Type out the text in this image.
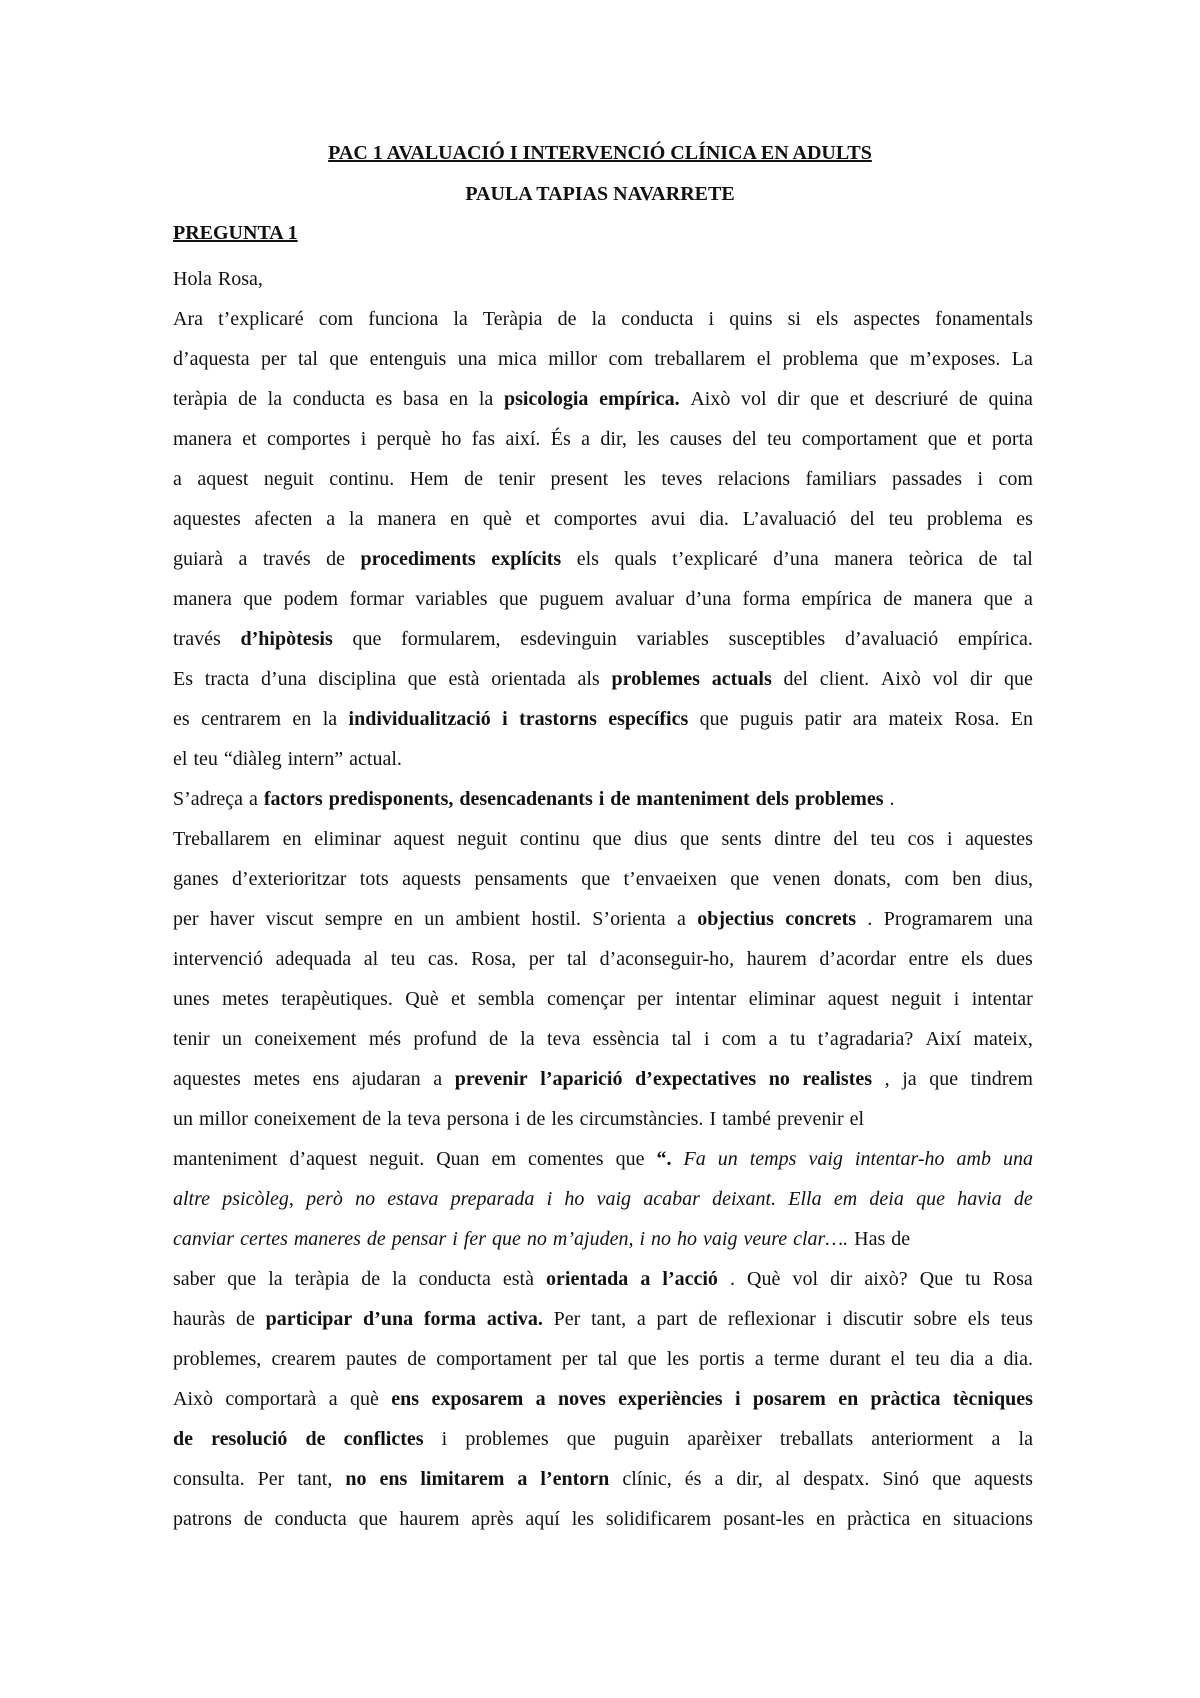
PAC 1 AVALUACIÓ I INTERVENCIÓ CLÍNICA EN ADULTS
PAULA TAPIAS NAVARRETE
PREGUNTA 1
Hola Rosa,
Ara t’explicaré com funciona la Teràpia de la conducta i quins si els aspectes fonamentals
d’aquesta per tal que entenguis una mica millor com treballarem el problema que m’exposes. La
teràpia de la conducta es basa en la psicologia empírica. Això vol dir que et descriuré de quina
manera et comportes i perquè ho fas així. És a dir, les causes del teu comportament que et porta
a aquest neguit continu. Hem de tenir present les teves relacions familiars passades i com
aquestes afecten a la manera en què et comportes avui dia. L’avaluació del teu problema es
guiarà a través de procediments explícits els quals t’explicaré d’una manera teòrica de tal
manera que podem formar variables que puguem avaluar d’una forma empírica de manera que a
través d’hipòtesis que formularem, esdevinguin variables susceptibles d’avaluació empírica.
Es tracta d’una disciplina que està orientada als problemes actuals del client. Això vol dir que
es centrarem en la individualització i trastorns específics que puguis patir ara mateix Rosa. En
el teu “diàleg intern” actual.
S’adreça a factors predisponents, desencadenants i de manteniment dels problemes .
Treballarem en eliminar aquest neguit continu que dius que sents dintre del teu cos i aquestes
ganes d’exterioritzar tots aquests pensaments que t’envaeixen que venen donats, com ben dius,
per haver viscut sempre en un ambient hostil. S’orienta a objectius concrets . Programarem una
intervenció adequada al teu cas. Rosa, per tal d’aconseguir-ho, haurem d’acordar entre els dues
unes metes terapèutiques. Què et sembla començar per intentar eliminar aquest neguit i intentar
tenir un coneixement més profund de la teva essència tal i com a tu t’agradaria? Així mateix,
aquestes metes ens ajudaran a prevenir l’aparició d’expectatives no realistes , ja que tindrem
un millor coneixement de la teva persona i de les circumstàncies. I també prevenir el
manteniment d’aquest neguit. Quan em comentes que “. Fa un temps vaig intentar-ho amb una
altre psicòleg, però no estava preparada i ho vaig acabar deixant. Ella em deia que havia de
canviar certes maneres de pensar i fer que no m’ajuden, i no ho vaig veure clar…. Has de
saber que la teràpia de la conducta està orientada a l’acció . Què vol dir això? Que tu Rosa
hauràs de participar d’una forma activa. Per tant, a part de reflexionar i discutir sobre els teus
problemes, crearem pautes de comportament per tal que les portis a terme durant el teu dia a dia.
Això comportarà a què ens exposarem a noves experiències i posarem en pràctica tècniques
de resolució de conflictes i problemes que puguin aparèixer treballats anteriorment a la
consulta. Per tant, no ens limitarem a l’entorn clínic, és a dir, al despatx. Sinó que aquests
patrons de conducta que haurem après aquí les solidificarem posant-les en pràctica en situacions
